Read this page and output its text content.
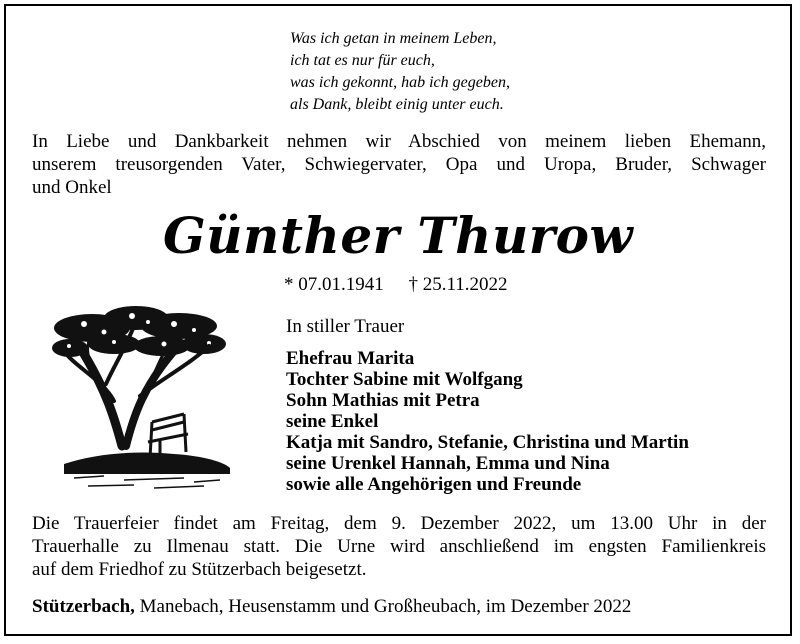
Was ich getan in meinem Leben,
ich tat es nur für euch,
was ich gekonnt, hab ich gegeben,
als Dank, bleibt einig unter euch.
In Liebe und Dankbarkeit nehmen wir Abschied von meinem lieben Ehemann,
unserem treusorgenden Vater, Schwiegervater, Opa und Uropa, Bruder, Schwager
und Onkel
Günther Thurow
* 07.01.1941 † 25.11.2022
In stiller Trauer
Ehefrau Marita
Tochter Sabine mit Wolfgang
Sohn Mathias mit Petra
seine Enkel
Katja mit Sandro, Stefanie, Christina und Martin
seine Urenkel Hannah, Emma und Nina
sowie alle Angehörigen und Freunde
Die Trauerfeier findet am Freitag, dem 9. Dezember 2022, um 13.00 Uhr in der
Trauerhalle zu Ilmenau statt. Die Urne wird anschließend im engsten Familienkreis
auf dem Friedhof zu Stützerbach beigesetzt.
Stützerbach, Manebach, Heusenstamm und Großheubach, im Dezember 2022
